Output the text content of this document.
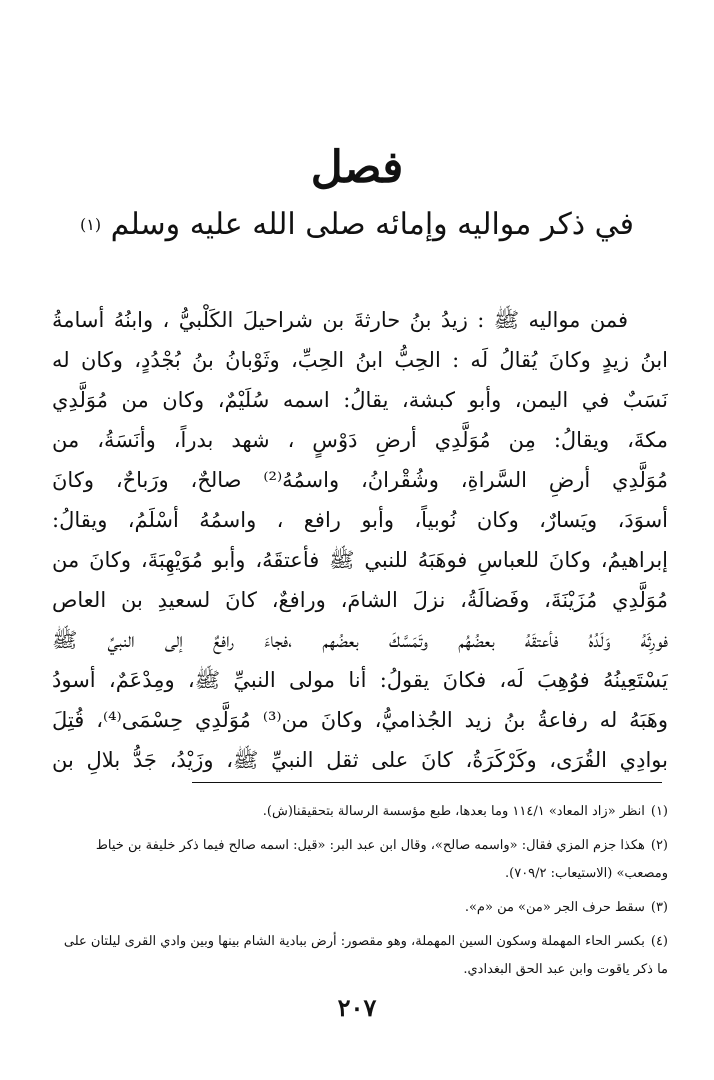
فصل
في ذكر مواليه وإمائه صلى الله عليه وسلم $^{(١)}$
فمن مواليه ﷺ : زيدُ بنُ حارثةَ بن شراحيلَ الكَلْبيُّ ، وابنُهُ أسامةُ
ابنُ زيدٍ وكانَ يُقالُ لَه : الحِبُّ ابنُ الحِبِّ، وثَوْبانُ بنُ بُجْدُدٍ، وكان له
نَسَبٌ في اليمن، وأبو كبشة، يقالُ: اسمه سُلَيْمٌ، وكان من مُوَلَّدِي
مكةَ، ويقالُ: مِن مُوَلَّدِي أرضِ دَوْسٍ ، شهد بدراً، وأنَسَةُ، من
مُوَلَّدِي أرضِ السَّراةِ، وشُقْرانُ، واسمُهُ⁽²⁾ صالحٌ، ورَباحٌ، وكانَ
أسوَدَ، ويَسارٌ، وكان نُوبياً، وأبو رافع ، واسمُهُ أسْلَمُ، ويقالُ:
إبراهيمُ، وكانَ للعباسِ فوهَبَهُ للنبي ﷺ فأعتقَهُ، وأبو مُوَيْهِبَةَ، وكانَ من
مُوَلَّدِي مُزَيْنَةَ، وفَضالَةُ، نزلَ الشامَ، ورافعٌ، كانَ لسعيدِ بن العاص
فورِثَهُ وَلَدُهُ فأعتقَهُ بعضُهُم وتَمَسَّكَ بعضُهم ،فجاءَ رافعٌ إلى النبيِّ ﷺ
يَسْتَعِينُهُ فوُهِبَ لَه، فكانَ يقولُ: أنا مولى النبيِّ ﷺ، ومِدْعَمٌ، أسودُ
وهَبَهُ له رفاعةُ بنُ زيد الجُذاميُّ، وكانَ من⁽³⁾ مُوَلَّدِي حِسْمَى⁽⁴⁾، قُتِلَ
بوادِي القُرَى، وكَرْكَرَةُ، كانَ على ثقل النبيِّ ﷺ، وزَيْدُ، جَدُّ بلالِ بن
(١)انظر «زاد المعاد» ١١٤/١ وما بعدها، طبع مؤسسة الرسالة بتحقيقنا(ش).
(٢)هكذا جزم المزي فقال: «واسمه صالح»، وقال ابن عبد البر: «قيل: اسمه صالح فيما ذكر خليفة بن خياط ومصعب» (الاستيعاب: ٧٠٩/٢).
(٣)سقط حرف الجر «من» من «م».
(٤)بكسر الحاء المهملة وسكون السين المهملة، وهو مقصور: أرض ببادية الشام بينها وبين وادي القرى ليلتان على ما ذكر ياقوت وابن عبد الحق البغدادي.
٢٠٧
